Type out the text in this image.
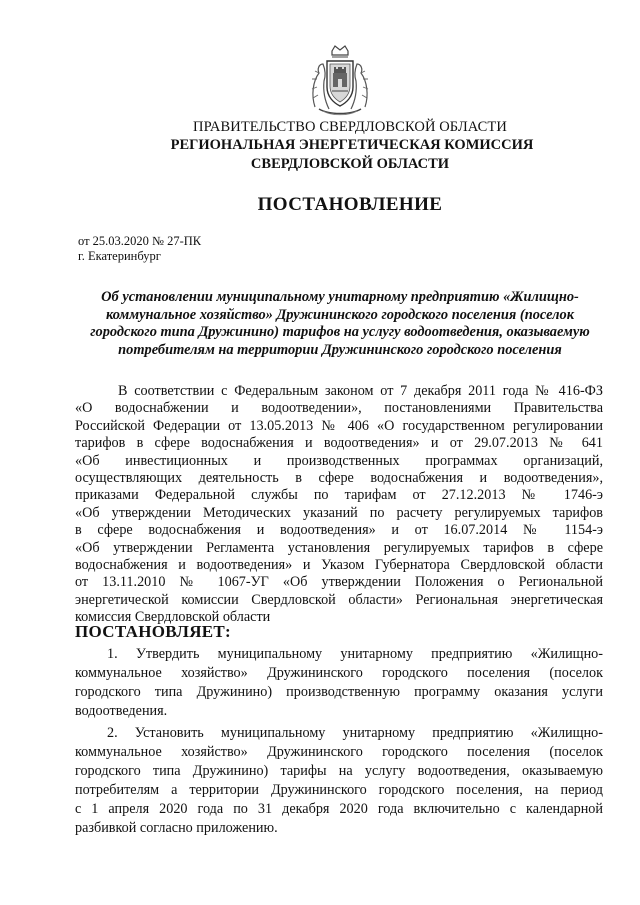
ПРАВИТЕЛЬСТВО СВЕРДЛОВСКОЙ ОБЛАСТИ
РЕГИОНАЛЬНАЯ ЭНЕРГЕТИЧЕСКАЯ КОМИССИЯ
СВЕРДЛОВСКОЙ ОБЛАСТИ
ПОСТАНОВЛЕНИЕ
от 25.03.2020 № 27-ПК
г. Екатеринбург
Об установлении муниципальному унитарному предприятию «Жилищно-
коммунальное хозяйство» Дружининского городского поселения (поселок
городского типа Дружинино) тарифов на услугу водоотведения, оказываемую
потребителям на территории Дружининского городского поселения
В соответствии с Федеральным законом от 7 декабря 2011 года № 416-ФЗ
«О водоснабжении и водоотведении», постановлениями Правительства
Российской Федерации от 13.05.2013 № 406 «О государственном регулировании
тарифов в сфере водоснабжения и водоотведения» и от 29.07.2013 № 641
«Об инвестиционных и производственных программах организаций,
осуществляющих деятельность в сфере водоснабжения и водоотведения»,
приказами Федеральной службы по тарифам от 27.12.2013 № 1746-э
«Об утверждении Методических указаний по расчету регулируемых тарифов
в сфере водоснабжения и водоотведения» и от 16.07.2014 № 1154-э
«Об утверждении Регламента установления регулируемых тарифов в сфере
водоснабжения и водоотведения» и Указом Губернатора Свердловской области
от 13.11.2010 № 1067-УГ «Об утверждении Положения о Региональной
энергетической комиссии Свердловской области» Региональная энергетическая
комиссия Свердловской области
ПОСТАНОВЛЯЕТ:
1. Утвердить муниципальному унитарному предприятию «Жилищно-
коммунальное хозяйство» Дружининского городского поселения (поселок
городского типа Дружинино) производственную программу оказания услуги
водоотведения.
2. Установить муниципальному унитарному предприятию «Жилищно-
коммунальное хозяйство» Дружининского городского поселения (поселок
городского типа Дружинино) тарифы на услугу водоотведения, оказываемую
потребителям а территории Дружининского городского поселения, на период
с 1 апреля 2020 года по 31 декабря 2020 года включительно с календарной
разбивкой согласно приложению.
